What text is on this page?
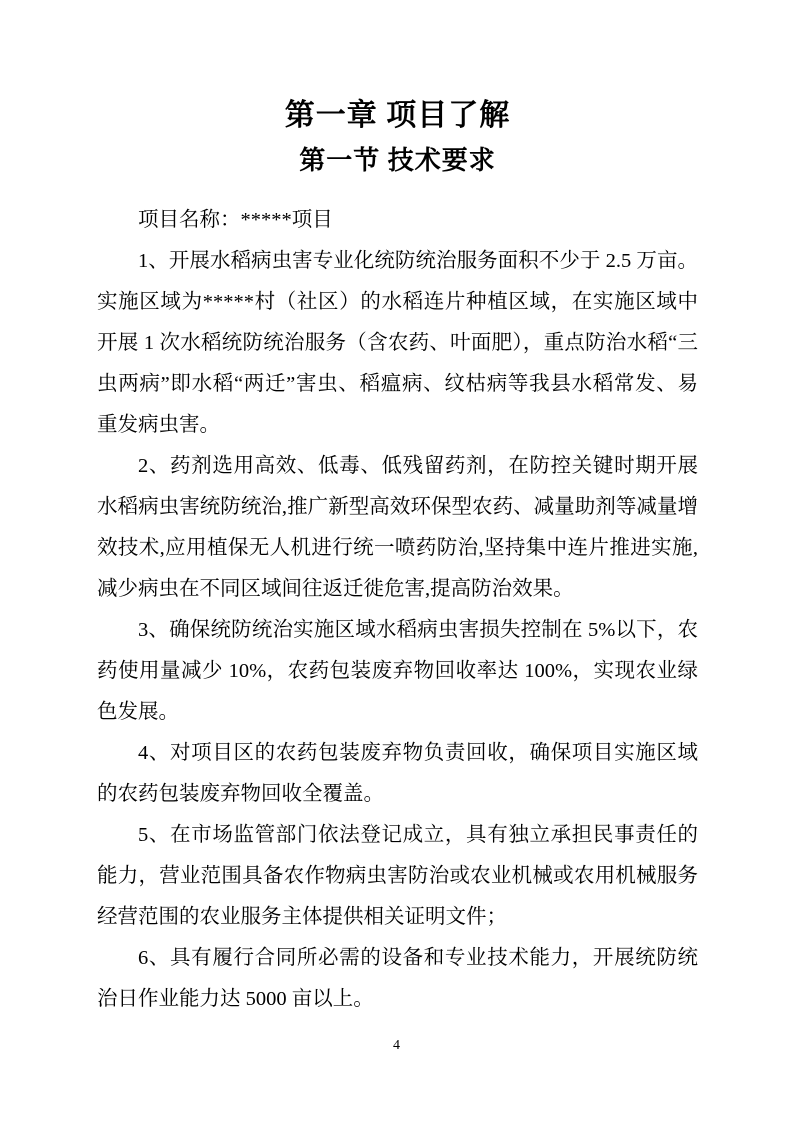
第一章 项目了解
第一节 技术要求

项目名称：*****项目

1、开展水稻病虫害专业化统防统治服务面积不少于 2.5 万亩。实施区域为*****村（社区）的水稻连片种植区域，在实施区域中开展 1 次水稻统防统治服务（含农药、叶面肥），重点防治水稻“三虫两病”即水稻“两迁”害虫、稻瘟病、纹枯病等我县水稻常发、易重发病虫害。

2、药剂选用高效、低毒、低残留药剂，在防控关键时期开展水稻病虫害统防统治,推广新型高效环保型农药、减量助剂等减量增效技术,应用植保无人机进行统一喷药防治,坚持集中连片推进实施,减少病虫在不同区域间往返迁徙危害,提高防治效果。

3、确保统防统治实施区域水稻病虫害损失控制在 5%以下，农药使用量减少 10%，农药包装废弃物回收率达 100%，实现农业绿色发展。

4、对项目区的农药包装废弃物负责回收，确保项目实施区域的农药包装废弃物回收全覆盖。

5、在市场监管部门依法登记成立，具有独立承担民事责任的能力，营业范围具备农作物病虫害防治或农业机械或农用机械服务经营范围的农业服务主体提供相关证明文件；

6、具有履行合同所必需的设备和专业技术能力，开展统防统治日作业能力达 5000 亩以上。

4
